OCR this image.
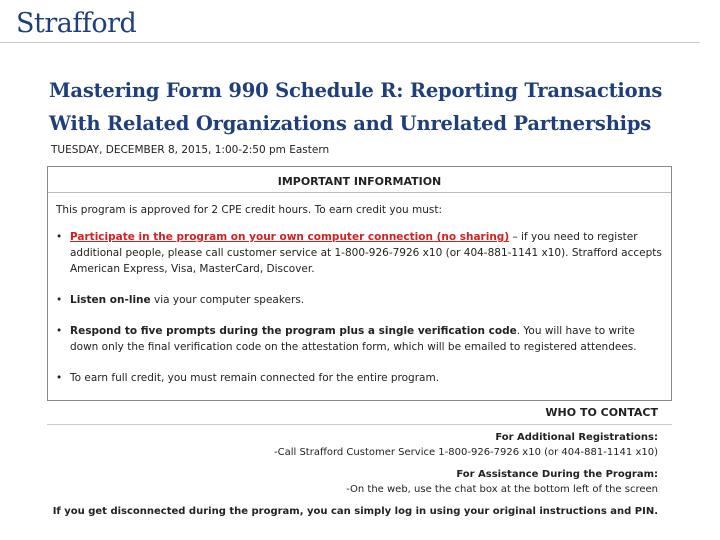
Strafford
Mastering Form 990 Schedule R: Reporting Transactions With Related Organizations and Unrelated Partnerships
TUESDAY, DECEMBER 8, 2015, 1:00-2:50 pm Eastern
IMPORTANT INFORMATION
This program is approved for 2 CPE credit hours. To earn credit you must:
• Participate in the program on your own computer connection (no sharing) – if you need to register additional people, please call customer service at 1-800-926-7926 x10 (or 404-881-1141 x10). Strafford accepts American Express, Visa, MasterCard, Discover.
• Listen on-line via your computer speakers.
• Respond to five prompts during the program plus a single verification code. You will have to write down only the final verification code on the attestation form, which will be emailed to registered attendees.
• To earn full credit, you must remain connected for the entire program.
WHO TO CONTACT
For Additional Registrations:
-Call Strafford Customer Service 1-800-926-7926 x10 (or 404-881-1141 x10)
For Assistance During the Program:
-On the web, use the chat box at the bottom left of the screen
If you get disconnected during the program, you can simply log in using your original instructions and PIN.
